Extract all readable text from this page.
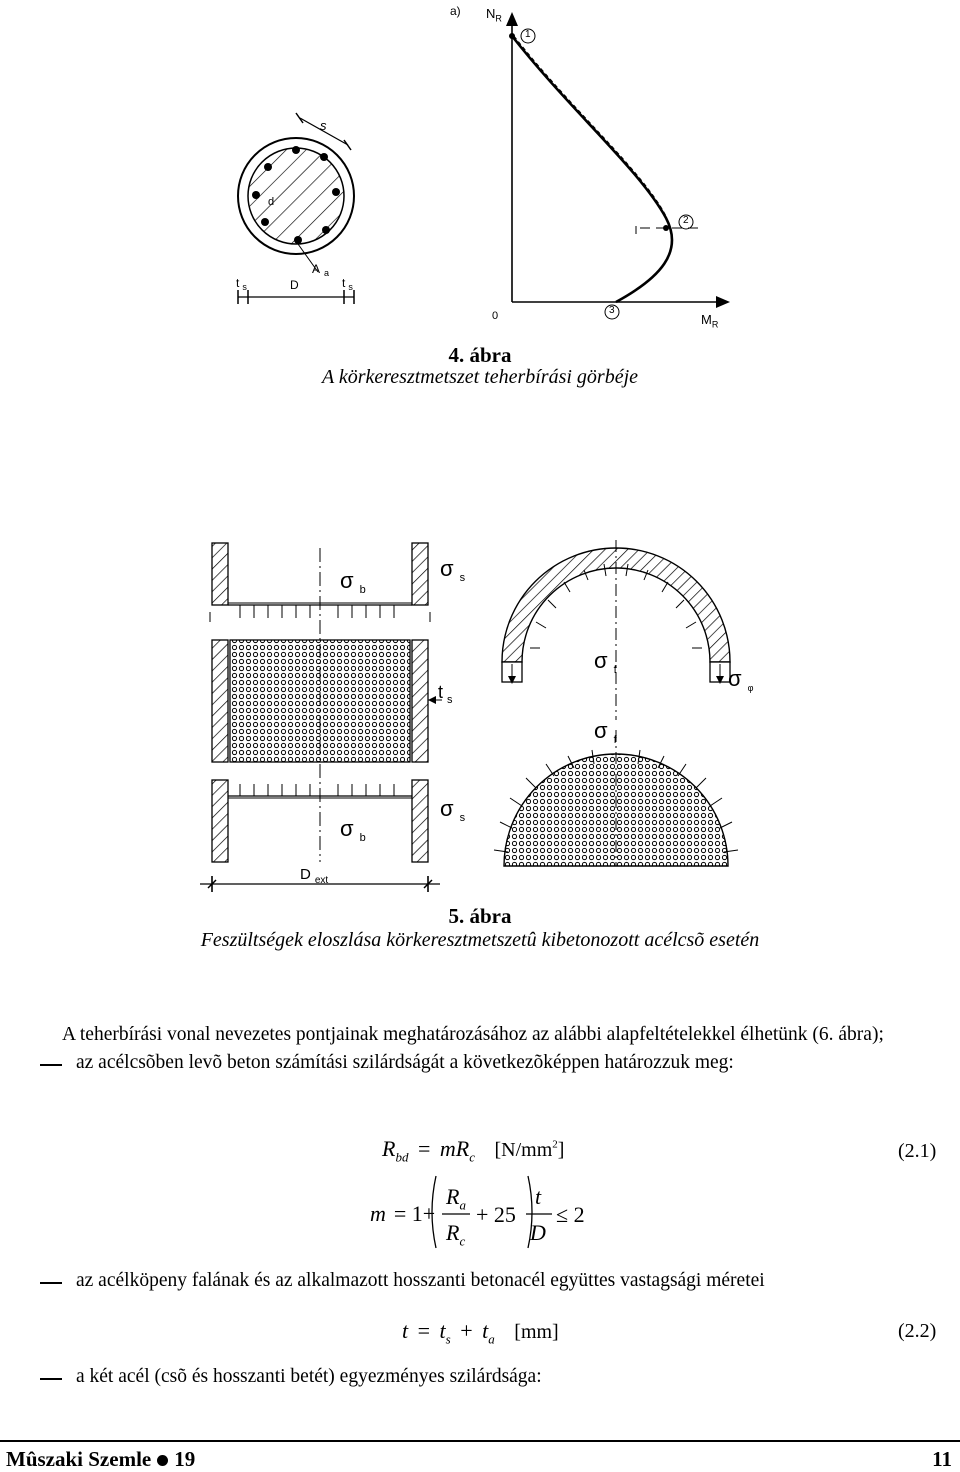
a) $N_R$
$M_R$
0
1
2
3
s
d
A $_a$
t $_s$	D	t $_s$
4. ábra
A körkeresztmetszet teherbírási görbéje
σ $_b$
σ $_s$
t $_s$
σ $_f$	σ $_\varphi$
σ $_f$
σ $_b$
σ $_s$
D $_{ext}$
5. ábra
Feszültségek eloszlása körkeresztmetszetû kibetonozott acélcsõ esetén
A teherbírási vonal nevezetes pontjainak meghatározásához az alábbi alapfeltételekkel élhetünk (6. ábra);
az acélcsõben levõ beton számítási szilárdságát a következõképpen határozzuk meg:
$R_{bd} = mR_c$ $[N/mm^2]$	(2.1)
m = 1+
$R_a$
$R_c$
+ 25
t
D
≤ 2
az acélköpeny falának és az alkalmazott hosszanti betonacél együttes vastagsági méretei
$t = t_s + t_a$ [mm]	(2.2)
a két acél (csõ és hosszanti betét) egyezményes szilárdsága:
Mûszaki Szemle 19	11
